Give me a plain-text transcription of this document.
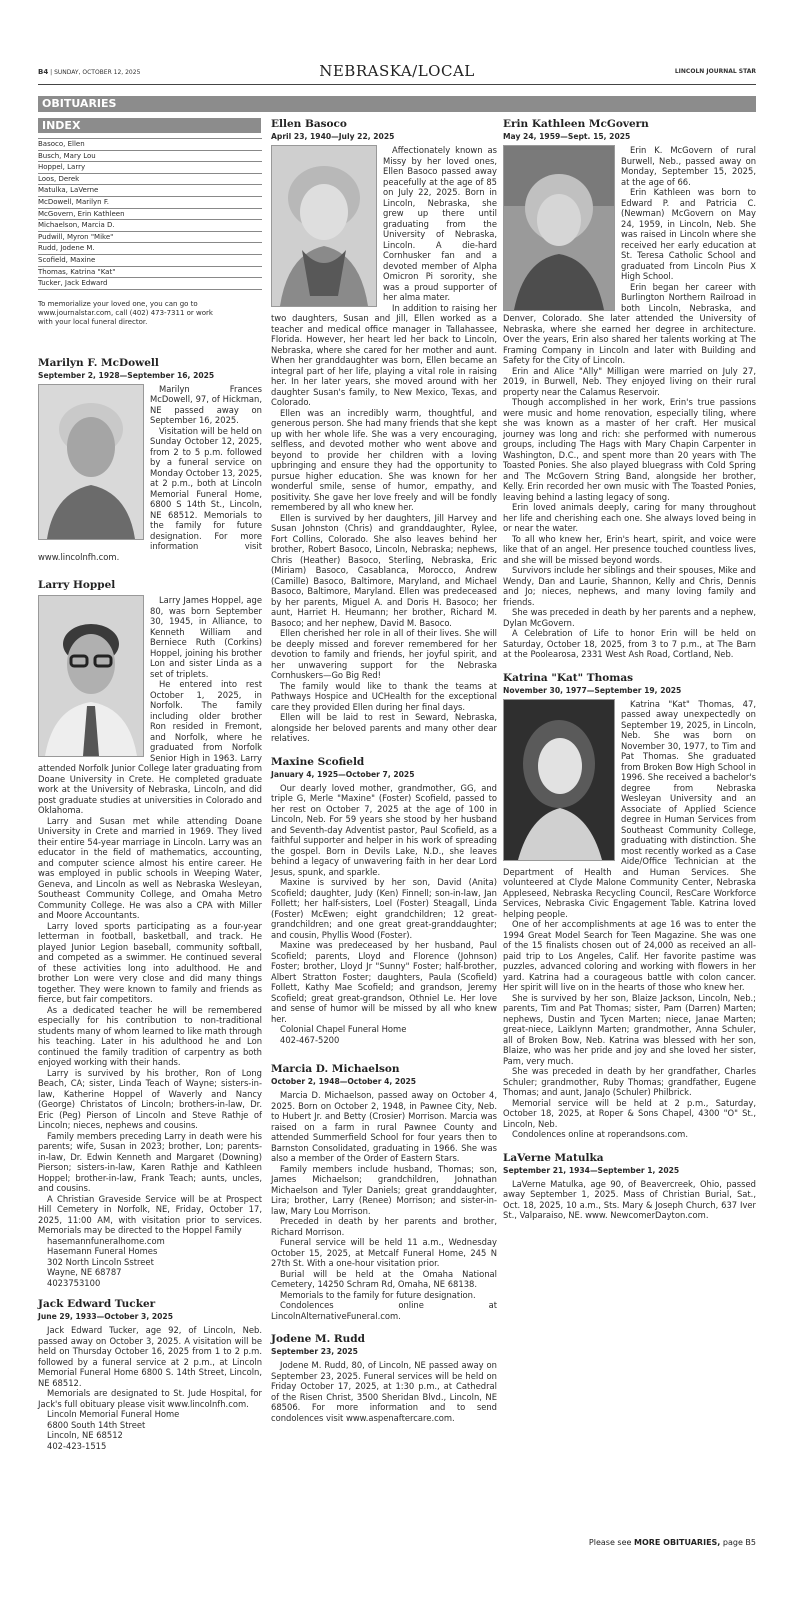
B4 | SUNDAY, OCTOBER 12, 2025	NEBRASKA/LOCAL	LINCOLN JOURNAL STAR
OBITUARIES
INDEX
Basoco, Ellen
Busch, Mary Lou
Hoppel, Larry
Loos, Derek
Matulka, LaVerne
McDowell, Marilyn F.
McGovern, Erin Kathleen
Michaelson, Marcia D.
Pudwill, Myron "Mike"
Rudd, Jodene M.
Scofield, Maxine
Thomas, Katrina "Kat"
Tucker, Jack Edward
To memorialize your loved one, you can go to www.journalstar.com, call (402) 473-7311 or work with your local funeral director.
Marilyn F. McDowell
September 2, 1928—September 16, 2025

Marilyn Frances McDowell, 97, of Hickman, NE passed away on September 16, 2025.

Visitation will be held on Sunday October 12, 2025, from 2 to 5 p.m. followed by a funeral service on Monday October 13, 2025, at 2 p.m., both at Lincoln Memorial Funeral Home, 6800 S 14th St., Lincoln, NE 68512. Memorials to the family for future designation. For more information visit www.lincolnfh.com.

Larry Hoppel

Larry James Hoppel, age 80, was born September 30, 1945, in Alliance, to Kenneth William and Berniece Ruth (Corkins) Hoppel, joining his brother Lon and sister Linda as a set of triplets.

He entered into rest October 1, 2025, in Norfolk. The family including older brother Ron resided in Fremont, and Norfolk, where he graduated from Norfolk Senior High in 1963. Larry attended Norfolk Junior College later graduating from Doane University in Crete. He completed graduate work at the University of Nebraska, Lincoln, and did post graduate studies at universities in Colorado and Oklahoma.

Larry and Susan met while attending Doane University in Crete and married in 1969. They lived their entire 54-year marriage in Lincoln. Larry was an educator in the field of mathematics, accounting, and computer science almost his entire career. He was employed in public schools in Weeping Water, Geneva, and Lincoln as well as Nebraska Wesleyan, Southeast Community College, and Omaha Metro Community College. He was also a CPA with Miller and Moore Accountants.

Larry loved sports participating as a four-year letterman in football, basketball, and track. He played Junior Legion baseball, community softball, and competed as a swimmer. He continued several of these activities long into adulthood. He and brother Lon were very close and did many things together. They were known to family and friends as fierce, but fair competitors.

As a dedicated teacher he will be remembered especially for his contribution to non-traditional students many of whom learned to like math through his teaching. Later in his adulthood he and Lon continued the family tradition of carpentry as both enjoyed working with their hands.

Larry is survived by his brother, Ron of Long Beach, CA; sister, Linda Teach of Wayne; sisters-in-law, Katherine Hoppel of Waverly and Nancy (George) Christatos of Lincoln; brothers-in-law, Dr. Eric (Peg) Pierson of Lincoln and Steve Rathje of Lincoln; nieces, nephews and cousins.

Family members preceding Larry in death were his parents; wife, Susan in 2023; brother, Lon; parents-in-law, Dr. Edwin Kenneth and Margaret (Downing) Pierson; sisters-in-law, Karen Rathje and Kathleen Hoppel; brother-in-law, Frank Teach; aunts, uncles, and cousins.

A Christian Graveside Service will be at Prospect Hill Cemetery in Norfolk, NE, Friday, October 17, 2025, 11:00 AM, with visitation prior to services. Memorials may be directed to the Hoppel Family

hasemannfuneralhome.com
Hasemann Funeral Homes
302 North Lincoln Sstreet
Wayne, NE 68787
4023753100
Jack Edward Tucker
June 29, 1933—October 3, 2025

Jack Edward Tucker, age 92, of Lincoln, Neb. passed away on October 3, 2025. A visitation will be held on Thursday October 16, 2025 from 1 to 2 p.m. followed by a funeral service at 2 p.m., at Lincoln Memorial Funeral Home 6800 S. 14th Street, Lincoln, NE 68512.

Memorials are designated to St. Jude Hospital, for Jack's full obituary please visit www.lincolnfh.com.

Lincoln Memorial Funeral Home
6800 South 14th Street
Lincoln, NE 68512
402-423-1515
Ellen Basoco
April 23, 1940—July 22, 2025

Affectionately known as Missy by her loved ones, Ellen Basoco passed away peacefully at the age of 85 on July 22, 2025. Born in Lincoln, Nebraska, she grew up there until graduating from the University of Nebraska, Lincoln. A die-hard Cornhusker fan and a devoted member of Alpha Omicron Pi sorority, she was a proud supporter of her alma mater.

In addition to raising her two daughters, Susan and Jill, Ellen worked as a teacher and medical office manager in Tallahassee, Florida. However, her heart led her back to Lincoln, Nebraska, where she cared for her mother and aunt. When her granddaughter was born, Ellen became an integral part of her life, playing a vital role in raising her. In her later years, she moved around with her daughter Susan's family, to New Mexico, Texas, and Colorado.

Ellen was an incredibly warm, thoughtful, and generous person. She had many friends that she kept up with her whole life. She was a very encouraging, selfless, and devoted mother who went above and beyond to provide her children with a loving upbringing and ensure they had the opportunity to pursue higher education. She was known for her wonderful smile, sense of humor, empathy, and positivity. She gave her love freely and will be fondly remembered by all who knew her.

Ellen is survived by her daughters, Jill Harvey and Susan Johnston (Chris) and granddaughter, Rylee, Fort Collins, Colorado. She also leaves behind her brother, Robert Basoco, Lincoln, Nebraska; nephews, Chris (Heather) Basoco, Sterling, Nebraska, Eric (Miriam) Basoco, Casablanca, Morocco, Andrew (Camille) Basoco, Baltimore, Maryland, and Michael Basoco, Baltimore, Maryland. Ellen was predeceased by her parents, Miguel A. and Doris H. Basoco; her aunt, Harriet H. Heumann; her brother, Richard M. Basoco; and her nephew, David M. Basoco.

Ellen cherished her role in all of their lives. She will be deeply missed and forever remembered for her devotion to family and friends, her joyful spirit, and her unwavering support for the Nebraska Cornhuskers—Go Big Red!

The family would like to thank the teams at Pathways Hospice and UCHealth for the exceptional care they provided Ellen during her final days.

Ellen will be laid to rest in Seward, Nebraska, alongside her beloved parents and many other dear relatives.

Maxine Scofield
January 4, 1925—October 7, 2025

Our dearly loved mother, grandmother, GG, and triple G, Merle "Maxine" (Foster) Scofield, passed to her rest on October 7, 2025 at the age of 100 in Lincoln, Neb. For 59 years she stood by her husband and Seventh-day Adventist pastor, Paul Scofield, as a faithful supporter and helper in his work of spreading the gospel. Born in Devils Lake, N.D., she leaves behind a legacy of unwavering faith in her dear Lord Jesus, spunk, and sparkle.

Maxine is survived by her son, David (Anita) Scofield; daughter, Judy (Ken) Finnell; son-in-law, Jan Follett; her half-sisters, Loel (Foster) Steagall, Linda (Foster) McEwen; eight grandchildren; 12 great-grandchildren; and one great great-granddaughter; and cousin, Phyllis Wood (Foster).

Maxine was predeceased by her husband, Paul Scofield; parents, Lloyd and Florence (Johnson) Foster; brother, Lloyd Jr "Sunny" Foster; half-brother, Albert Stratton Foster; daughters, Paula (Scofield) Follett, Kathy Mae Scofield; and grandson, Jeremy Scofield; great great-grandson, Othniel Le. Her love and sense of humor will be missed by all who knew her.

Colonial Chapel Funeral Home
402-467-5200
Marcia D. Michaelson
October 2, 1948—October 4, 2025

Marcia D. Michaelson, passed away on October 4, 2025. Born on October 2, 1948, in Pawnee City, Neb. to Hubert Jr. and Betty (Crosier) Morrison. Marcia was raised on a farm in rural Pawnee County and attended Summerfield School for four years then to Barnston Consolidated, graduating in 1966. She was also a member of the Order of Eastern Stars.

Family members include husband, Thomas; son, James Michaelson; grandchildren, Johnathan Michaelson and Tyler Daniels; great granddaughter, Lira; brother, Larry (Renee) Morrison; and sister-in-law, Mary Lou Morrison.

Preceded in death by her parents and brother, Richard Morrison.

Funeral service will be held 11 a.m., Wednesday October 15, 2025, at Metcalf Funeral Home, 245 N 27th St. With a one-hour visitation prior.

Burial will be held at the Omaha National Cemetery, 14250 Schram Rd, Omaha, NE 68138.

Memorials to the family for future designation.

Condolences online at LincolnAlternativeFuneral.com.

Jodene M. Rudd
September 23, 2025

Jodene M. Rudd, 80, of Lincoln, NE passed away on September 23, 2025. Funeral services will be held on Friday October 17, 2025, at 1:30 p.m., at Cathedral of the Risen Christ, 3500 Sheridan Blvd., Lincoln, NE 68506. For more information and to send condolences visit www.aspenaftercare.com.

Erin Kathleen McGovern
May 24, 1959—Sept. 15, 2025

Erin K. McGovern of rural Burwell, Neb., passed away on Monday, September 15, 2025, at the age of 66.

Erin Kathleen was born to Edward P. and Patricia C. (Newman) McGovern on May 24, 1959, in Lincoln, Neb. She was raised in Lincoln where she received her early education at St. Teresa Catholic School and graduated from Lincoln Pius X High School.

Erin began her career with Burlington Northern Railroad in both Lincoln, Nebraska, and Denver, Colorado. She later attended the University of Nebraska, where she earned her degree in architecture. Over the years, Erin also shared her talents working at The Framing Company in Lincoln and later with Building and Safety for the City of Lincoln.

Erin and Alice "Ally" Milligan were married on July 27, 2019, in Burwell, Neb. They enjoyed living on their rural property near the Calamus Reservoir.

Though accomplished in her work, Erin's true passions were music and home renovation, especially tiling, where she was known as a master of her craft. Her musical journey was long and rich: she performed with numerous groups, including The Hags with Mary Chapin Carpenter in Washington, D.C., and spent more than 20 years with The Toasted Ponies. She also played bluegrass with Cold Spring and The McGovern String Band, alongside her brother, Kelly. Erin recorded her own music with The Toasted Ponies, leaving behind a lasting legacy of song.

Erin loved animals deeply, caring for many throughout her life and cherishing each one. She always loved being in or near the water.

To all who knew her, Erin's heart, spirit, and voice were like that of an angel. Her presence touched countless lives, and she will be missed beyond words.

Survivors include her siblings and their spouses, Mike and Wendy, Dan and Laurie, Shannon, Kelly and Chris, Dennis and Jo; nieces, nephews, and many loving family and friends.

She was preceded in death by her parents and a nephew, Dylan McGovern.

A Celebration of Life to honor Erin will be held on Saturday, October 18, 2025, from 3 to 7 p.m., at The Barn at the Poolearosa, 2331 West Ash Road, Cortland, Neb.

Katrina "Kat" Thomas
November 30, 1977—September 19, 2025

Katrina "Kat" Thomas, 47, passed away unexpectedly on September 19, 2025, in Lincoln, Neb. She was born on November 30, 1977, to Tim and Pat Thomas. She graduated from Broken Bow High School in 1996. She received a bachelor's degree from Nebraska Wesleyan University and an Associate of Applied Science degree in Human Services from Southeast Community College, graduating with distinction. She most recently worked as a Case Aide/Office Technician at the Department of Health and Human Services. She volunteered at Clyde Malone Community Center, Nebraska Appleseed, Nebraska Recycling Council, ResCare Workforce Services, Nebraska Civic Engagement Table. Katrina loved helping people.

One of her accomplishments at age 16 was to enter the 1994 Great Model Search for Teen Magazine. She was one of the 15 finalists chosen out of 24,000 as received an all-paid trip to Los Angeles, Calif. Her favorite pastime was puzzles, advanced coloring and working with flowers in her yard. Katrina had a courageous battle with colon cancer. Her spirit will live on in the hearts of those who knew her.

She is survived by her son, Blaize Jackson, Lincoln, Neb.; parents, Tim and Pat Thomas; sister, Pam (Darren) Marten; nephews, Dustin and Tycen Marten; niece, Janae Marten; great-niece, Laiklynn Marten; grandmother, Anna Schuler, all of Broken Bow, Neb. Katrina was blessed with her son, Blaize, who was her pride and joy and she loved her sister, Pam, very much.

She was preceded in death by her grandfather, Charles Schuler; grandmother, Ruby Thomas; grandfather, Eugene Thomas; and aunt, JanaJo (Schuler) Philbrick.

Memorial service will be held at 2 p.m., Saturday, October 18, 2025, at Roper & Sons Chapel, 4300 "O" St., Lincoln, Neb.

Condolences online at roperandsons.com.

LaVerne Matulka
September 21, 1934—September 1, 2025

LaVerne Matulka, age 90, of Beavercreek, Ohio, passed away September 1, 2025. Mass of Christian Burial, Sat., Oct. 18, 2025, 10 a.m., Sts. Mary & Joseph Church, 637 Iver St., Valparaiso, NE. www. NewcomerDayton.com.

Please see MORE OBITUARIES, page B5
